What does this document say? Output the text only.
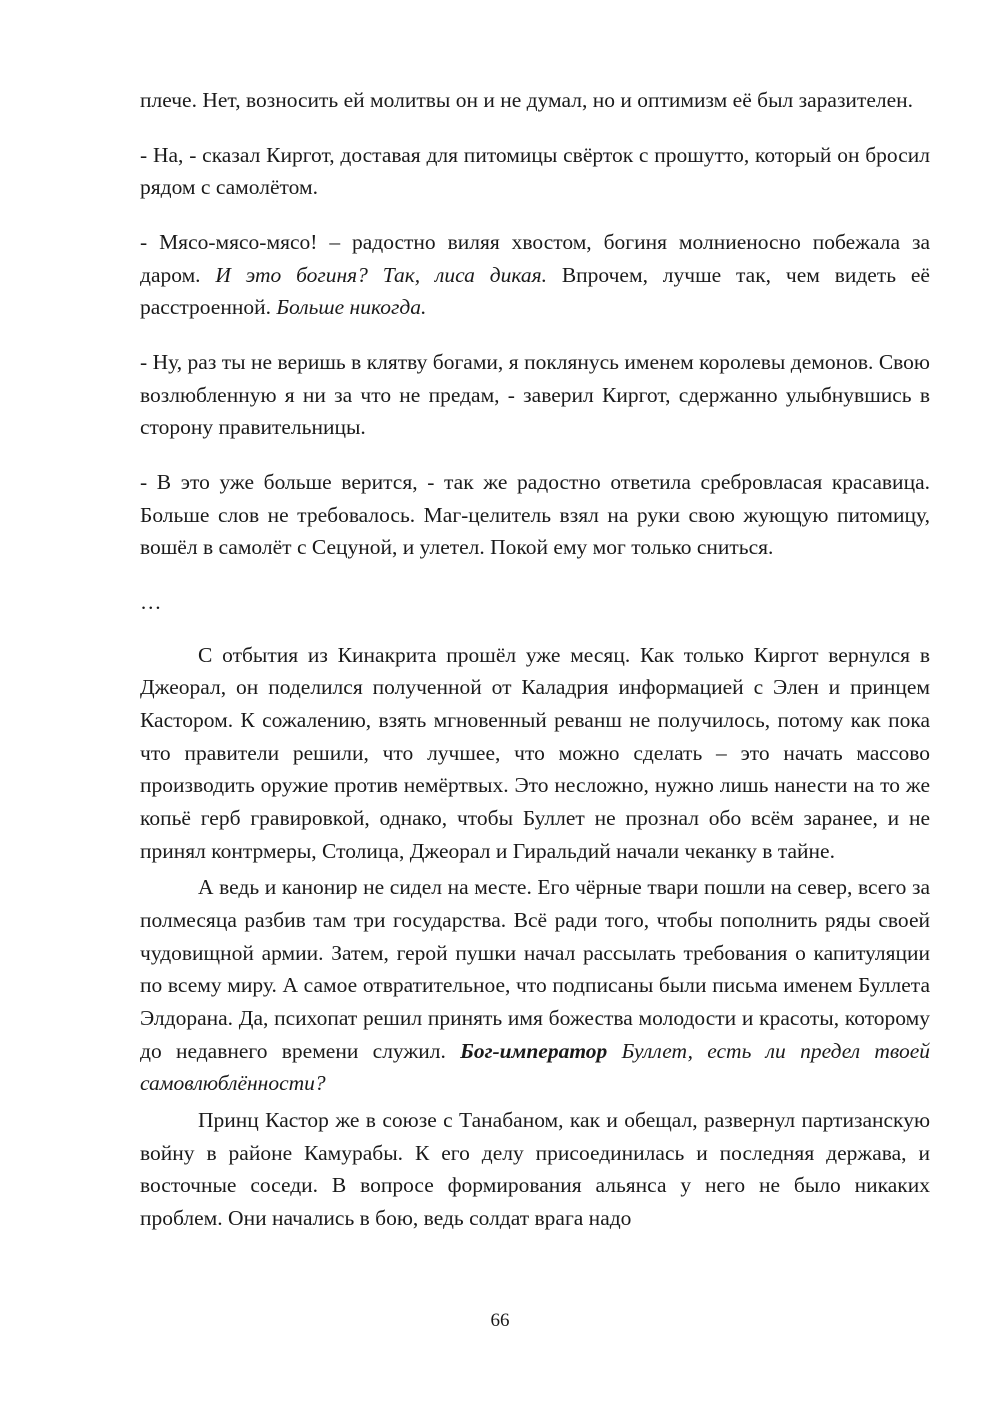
плече. Нет, возносить ей молитвы он и не думал, но и оптимизм её был заразителен.

- На, - сказал Киргот, доставая для питомицы свёрток с прошутто, который он бросил рядом с самолётом.

- Мясо-мясо-мясо! – радостно виляя хвостом, богиня молниеносно побежала за даром. И это богиня? Так, лиса дикая. Впрочем, лучше так, чем видеть её расстроенной. Больше никогда.

- Ну, раз ты не веришь в клятву богами, я поклянусь именем королевы демонов. Свою возлюбленную я ни за что не предам, - заверил Киргот, сдержанно улыбнувшись в сторону правительницы.

- В это уже больше верится, - так же радостно ответила сребровласая красавица. Больше слов не требовалось. Маг-целитель взял на руки свою жующую питомицу, вошёл в самолёт с Сецуной, и улетел. Покой ему мог только сниться.

…

С отбытия из Кинакрита прошёл уже месяц. Как только Киргот вернулся в Джеорал, он поделился полученной от Каладрия информацией с Элен и принцем Кастором. К сожалению, взять мгновенный реванш не получилось, потому как пока что правители решили, что лучшее, что можно сделать – это начать массово производить оружие против немёртвых. Это несложно, нужно лишь нанести на то же копьё герб гравировкой, однако, чтобы Буллет не прознал обо всём заранее, и не принял контрмеры, Столица, Джеорал и Гиральдий начали чеканку в тайне.

А ведь и канонир не сидел на месте. Его чёрные твари пошли на север, всего за полмесяца разбив там три государства. Всё ради того, чтобы пополнить ряды своей чудовищной армии. Затем, герой пушки начал рассылать требования о капитуляции по всему миру. А самое отвратительное, что подписаны были письма именем Буллета Элдорана. Да, психопат решил принять имя божества молодости и красоты, которому до недавнего времени служил. Бог-император Буллет, есть ли предел твоей самовлюблённости?

Принц Кастор же в союзе с Танабаном, как и обещал, развернул партизанскую войну в районе Камурабы. К его делу присоединилась и последняя держава, и восточные соседи. В вопросе формирования альянса у него не было никаких проблем. Они начались в бою, ведь солдат врага надо

66
